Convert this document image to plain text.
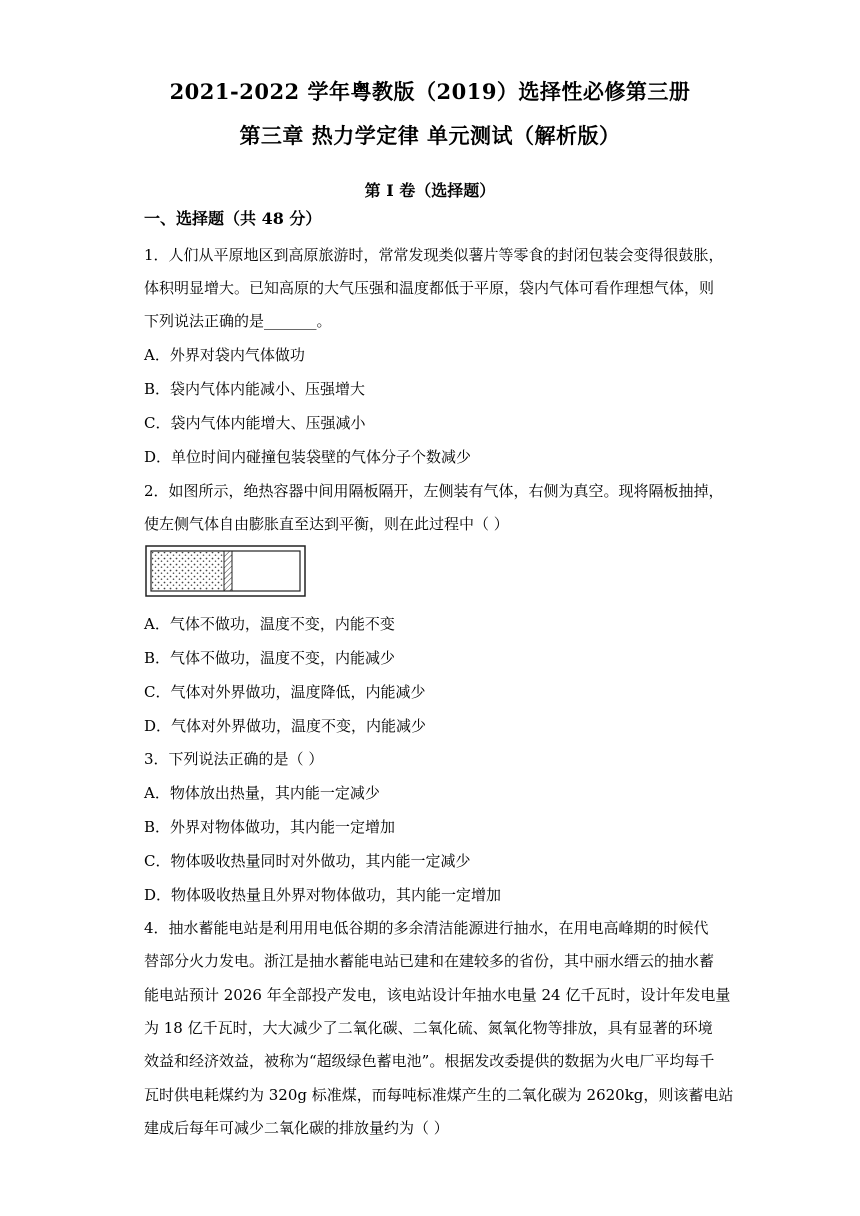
2021-2022 学年粤教版（2019）选择性必修第三册
第三章 热力学定律 单元测试（解析版）
第 I 卷（选择题）
一、选择题（共 48 分）
1．人们从平原地区到高原旅游时，常常发现类似薯片等零食的封闭包装会变得很鼓胀，
体积明显增大。已知高原的大气压强和温度都低于平原，袋内气体可看作理想气体，则
下列说法正确的是_______。
A．外界对袋内气体做功
B．袋内气体内能减小、压强增大
C．袋内气体内能增大、压强减小
D．单位时间内碰撞包装袋壁的气体分子个数减少
2．如图所示，绝热容器中间用隔板隔开，左侧装有气体，右侧为真空。现将隔板抽掉，
使左侧气体自由膨胀直至达到平衡，则在此过程中（ ）
A．气体不做功，温度不变，内能不变
B．气体不做功，温度不变，内能减少
C．气体对外界做功，温度降低，内能减少
D．气体对外界做功，温度不变，内能减少
3．下列说法正确的是（ ）
A．物体放出热量，其内能一定减少
B．外界对物体做功，其内能一定增加
C．物体吸收热量同时对外做功，其内能一定减少
D．物体吸收热量且外界对物体做功，其内能一定增加
4．抽水蓄能电站是利用用电低谷期的多余清洁能源进行抽水，在用电高峰期的时候代
替部分火力发电。浙江是抽水蓄能电站已建和在建较多的省份，其中丽水缙云的抽水蓄
能电站预计 2026 年全部投产发电，该电站设计年抽水电量 24 亿千瓦时，设计年发电量
为 18 亿千瓦时，大大减少了二氧化碳、二氧化硫、氮氧化物等排放，具有显著的环境
效益和经济效益，被称为“超级绿色蓄电池”。根据发改委提供的数据为火电厂平均每千
瓦时供电耗煤约为 320g 标准煤，而每吨标准煤产生的二氧化碳为 2620kg，则该蓄电站
建成后每年可减少二氧化碳的排放量约为（ ）
